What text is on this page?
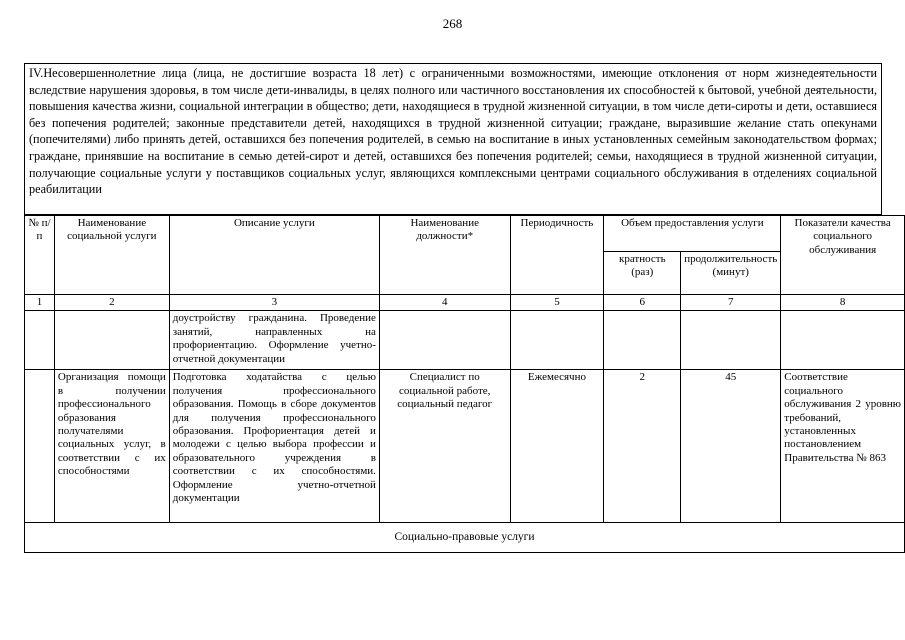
268
IV.Несовершеннолетние лица (лица, не достигшие возраста 18 лет) с ограниченными возможностями, имеющие отклонения от норм жизнедеятельности вследствие нарушения здоровья, в том числе дети-инвалиды, в целях полного или частичного восстановления их способностей к бытовой, учебной деятельности, повышения качества жизни, социальной интеграции в общество; дети, находящиеся в трудной жизненной ситуации, в том числе дети-сироты и дети, оставшиеся без попечения родителей; законные представители детей, находящихся в трудной жизненной ситуации; граждане, выразившие желание стать опекунами (попечителями) либо принять детей, оставшихся без попечения родителей, в семью на воспитание в иных установленных семейным законодательством формах; граждане, принявшие на воспитание в семью детей-сирот и детей, оставшихся без попечения родителей; семьи, находящиеся в трудной жизненной ситуации, получающие социальные услуги у поставщиков социальных услуг, являющихся комплексными центрами социального обслуживания в отделениях социальной реабилитации
№ п/п	Наименование социальной услуги	Описание услуги	Наименование должности*	Периодичность	Объем предоставления услуги		Показатели качества социального обслуживания
					кратность (раз)	продолжительность (минут)	
1	2	3	4	5	6	7	8
		доустройству гражданина. Проведение занятий, направленных на профориентацию. Оформление учетно-отчетной документации					
	Организация помощи в получении профессионального образования получателями социальных услуг, в соответствии с их способностями	Подготовка ходатайства с целью получения профессионального образования. Помощь в сборе документов для получения профессионального образования. Профориентация детей и молодежи с целью выбора профессии и образовательного учреждения в соответствии с их способностями. Оформление учетно-отчетной документации	Специалист по социальной работе, социальный педагог	Ежемесячно	2	45	Соответствие социального обслуживания 2 уровню требований, установленных постановлением Правительства № 863
Социально-правовые услуги							
